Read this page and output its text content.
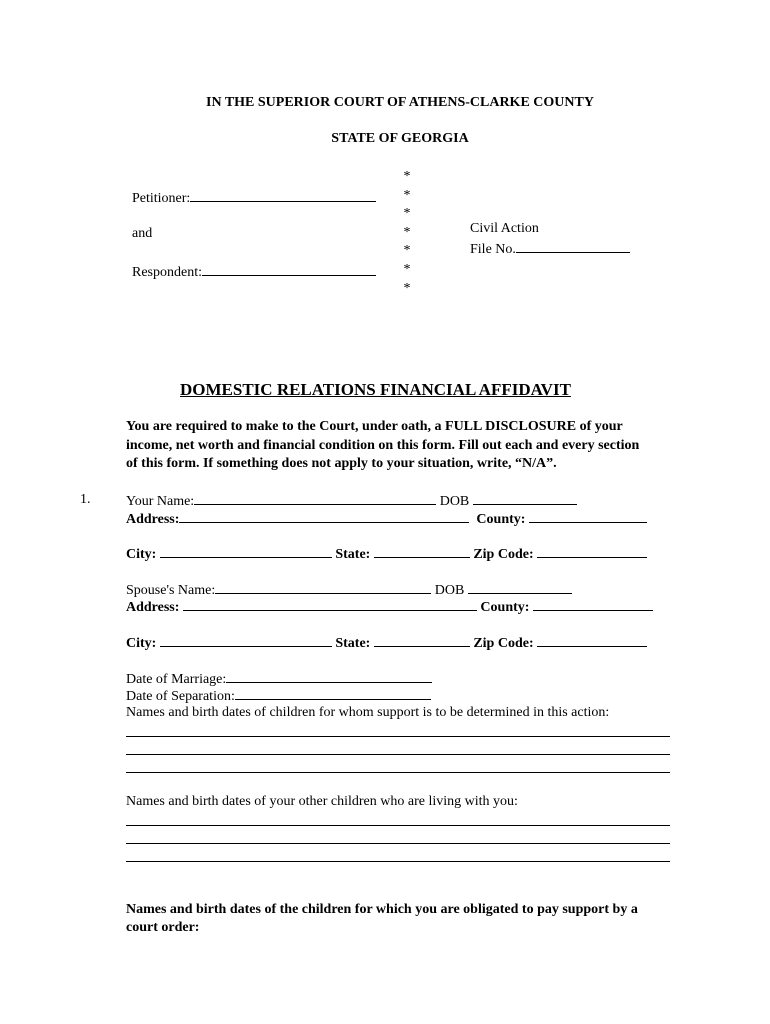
IN THE SUPERIOR COURT OF ATHENS-CLARKE COUNTY
STATE OF GEORGIA
Petitioner:
and
Respondent:
*
*
*
*
*
*
*
Civil Action
File No.
DOMESTIC RELATIONS FINANCIAL AFFIDAVIT
You are required to make to the Court, under oath, a FULL DISCLOSURE of your
income, net worth and financial condition on this form. Fill out each and every section
of this form. If something does not apply to your situation, write, “N/A”.
1.	Your Name:	DOB
Address:	County:
City:	State:	Zip Code:
Spouse's Name:	DOB
Address:	County:
City:	State:	Zip Code:
Date of Marriage:
Date of Separation:
Names and birth dates of children for whom support is to be determined in this action:
Names and birth dates of your other children who are living with you:
Names and birth dates of the children for which you are obligated to pay support by a
court order:
